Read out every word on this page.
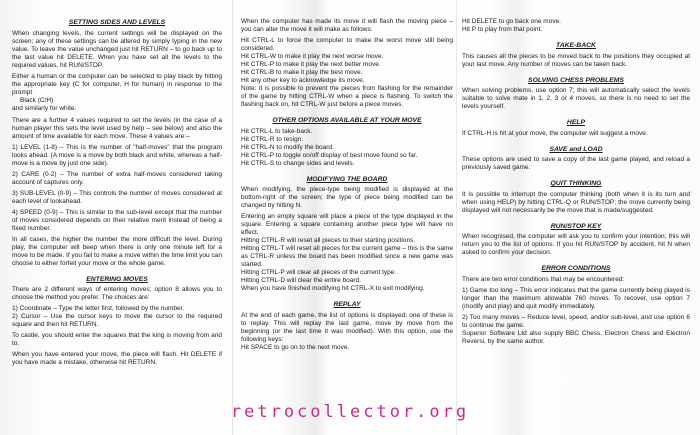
SETTING SIDES AND LEVELS
When changing levels, the current settings will be displayed on the screen; any of these settings can be altered by simply typing in the new value. To leave the value unchanged just hit RETURN – to go back up to the last value hit DELETE. When you have set all the levels to the required values, hit RUN/STOP.
Either a human or the computer can be selected to play black by hitting the appropriate key (C for computer, H for human) in response to the prompt
Black (C/H)
and similarly for white.
There are a further 4 values required to set the levels (in the case of a human player this sets the level used by help – see below) and also the amount of time available for each move. These 4 values are:–
1) LEVEL (1-8) – This is the number of "half-moves" that the program looks ahead. (A move is a move by both black and white, whereas a half-move is a move by just one side).
2) CARE (0-2) – The number of extra half-moves considered taking account of captures only.
3) SUB-LEVEL (0-9) – This controls the number of moves considered at each level of lookahead.
4) SPEED (0-9) – This is similar to the sub-level except that the number of moves considered depends on their relative merit instead of being a fixed number.
In all cases, the higher the number the more difficult the level. During play, the computer will beep when there is only one minute left for a move to be made. If you fail to make a move within the time limit you can choose to either forfeit your move or the whole game.
ENTERING MOVES
There are 2 different ways of entering moves; option 8 allows you to choose the method you prefer. The choices are:
1) Coordinate – Type the letter first, followed by the number.
2) Cursor – Use the cursor keys to move the cursor to the required square and then hit RETURN.
To castle, you should enter the squares that the king is moving from and to.
When you have entered your move, the piece will flash. Hit DELETE if you have made a mistake, otherwise hit RETURN.
When the computer has made its move it will flash the moving piece – you can alter the move it will make as follows:
Hit CTRL-L to force the computer to make the worst move still being considered.
Hit CTRL-W to make it play the next worse move.
Hit CTRL-P to make it play the next better move.
Hit CTRL-B to make it play the best move.
Hit any other key to acknowledge its move.
Note: It is possible to prevent the pieces from flashing for the remainder of the game by hitting CTRL-W when a piece is flashing. To switch the flashing back on, hit CTRL-W just before a piece moves.
OTHER OPTIONS AVAILABLE AT YOUR MOVE
Hit CTRL-L to take-back.
Hit CTRL-R to resign.
Hit CTRL-N to modify the board.
Hit CTRL-P to toggle on/off display of best move found so far.
Hit CTRL-S to change sides and levels.
MODIFYING THE BOARD
When modifying, the piece-type being modified is displayed at the bottom-right of the screen; the type of piece being modified can be changed by hitting N.
Entering an empty square will place a piece of the type displayed in the square. Entering a square containing another piece type will have no effect.
Hitting CTRL-R will reset all pieces to their starting positions.
Hitting CTRL-T will reset all pieces for the current game – this is the same as CTRL-R unless the board has been modified since a new game was started.
Hitting CTRL-P will clear all pieces of the current type.
Hitting CTRL-D will clear the entire board.
When you have finished modifying hit CTRL-X to exit modifying.
REPLAY
At the end of each game, the list of options is displayed; one of these is to replay. This will replay the last game, move by move from the beginning (or the last time it was modified). With this option, use the following keys:
Hit SPACE to go on to the next move.
Hit DELETE to go back one move.
Hit P to play from that point.
TAKE-BACK
This causes all the pieces to be moved back to the positions they occupied at your last move. Any number of moves can be taken back.
SOLVING CHESS PROBLEMS
When solving problems, use option 7; this will automatically select the levels suitable to solve mate in 1, 2, 3 or 4 moves, so there is no need to set the levels yourself.
HELP
If CTRL-H is hit at your move, the computer will suggest a move.
SAVE and LOAD
These options are used to save a copy of the last game played, and reload a previously saved game.
QUIT THINKING
It is possible to interrupt the computer thinking (both when it is its turn and when using HELP) by hitting CTRL-Q or RUN/STOP; the move currently being displayed will not necessarily be the move that is made/suggested.
RUN/STOP KEY
When recognised, the computer will ask you to confirm your intention; this will return you to the list of options. If you hit RUN/STOP by accident, hit N when asked to confirm your decision.
ERROR CONDITIONS
There are two error conditions that may be encountered:
1) Game too long – This error indicates that the game currently being played is longer than the maximum allowable 760 moves. To recover, use option 7 (modify and play) and quit modify immediately.
2) Too many moves – Reduce level, speed, and/or sub-level, and use option 6 to continue the game.
Superior Software Ltd also supply BBC Chess, Electron Chess and Electron Reversi, by the same author.
retrocollector.org
